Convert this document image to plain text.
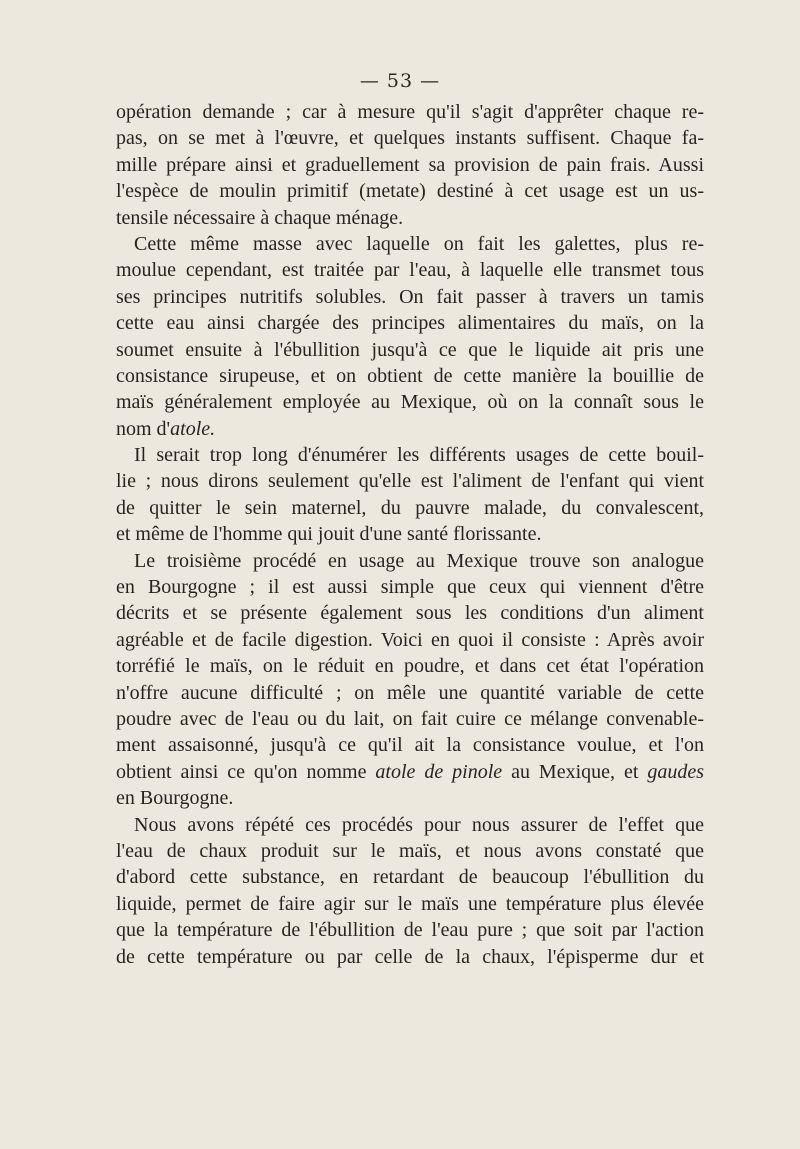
— 53 —
opération demande ; car à mesure qu'il s'agit d'apprêter chaque re-
pas, on se met à l'œuvre, et quelques instants suffisent. Chaque fa-
mille prépare ainsi et graduellement sa provision de pain frais. Aussi
l'espèce de moulin primitif (metate) destiné à cet usage est un us-
tensile nécessaire à chaque ménage.
Cette même masse avec laquelle on fait les galettes, plus re-
moulue cependant, est traitée par l'eau, à laquelle elle transmet tous
ses principes nutritifs solubles. On fait passer à travers un tamis
cette eau ainsi chargée des principes alimentaires du maïs, on la
soumet ensuite à l'ébullition jusqu'à ce que le liquide ait pris une
consistance sirupeuse, et on obtient de cette manière la bouillie de
maïs généralement employée au Mexique, où on la connaît sous le
nom d'atole.
Il serait trop long d'énumérer les différents usages de cette bouil-
lie ; nous dirons seulement qu'elle est l'aliment de l'enfant qui vient
de quitter le sein maternel, du pauvre malade, du convalescent,
et même de l'homme qui jouit d'une santé florissante.
Le troisième procédé en usage au Mexique trouve son analogue
en Bourgogne ; il est aussi simple que ceux qui viennent d'être
décrits et se présente également sous les conditions d'un aliment
agréable et de facile digestion. Voici en quoi il consiste : Après avoir
torréfié le maïs, on le réduit en poudre, et dans cet état l'opération
n'offre aucune difficulté ; on mêle une quantité variable de cette
poudre avec de l'eau ou du lait, on fait cuire ce mélange convenable-
ment assaisonné, jusqu'à ce qu'il ait la consistance voulue, et l'on
obtient ainsi ce qu'on nomme atole de pinole au Mexique, et gaudes
en Bourgogne.
Nous avons répété ces procédés pour nous assurer de l'effet que
l'eau de chaux produit sur le maïs, et nous avons constaté que
d'abord cette substance, en retardant de beaucoup l'ébullition du
liquide, permet de faire agir sur le maïs une température plus élevée
que la température de l'ébullition de l'eau pure ; que soit par l'action
de cette température ou par celle de la chaux, l'épisperme dur et
